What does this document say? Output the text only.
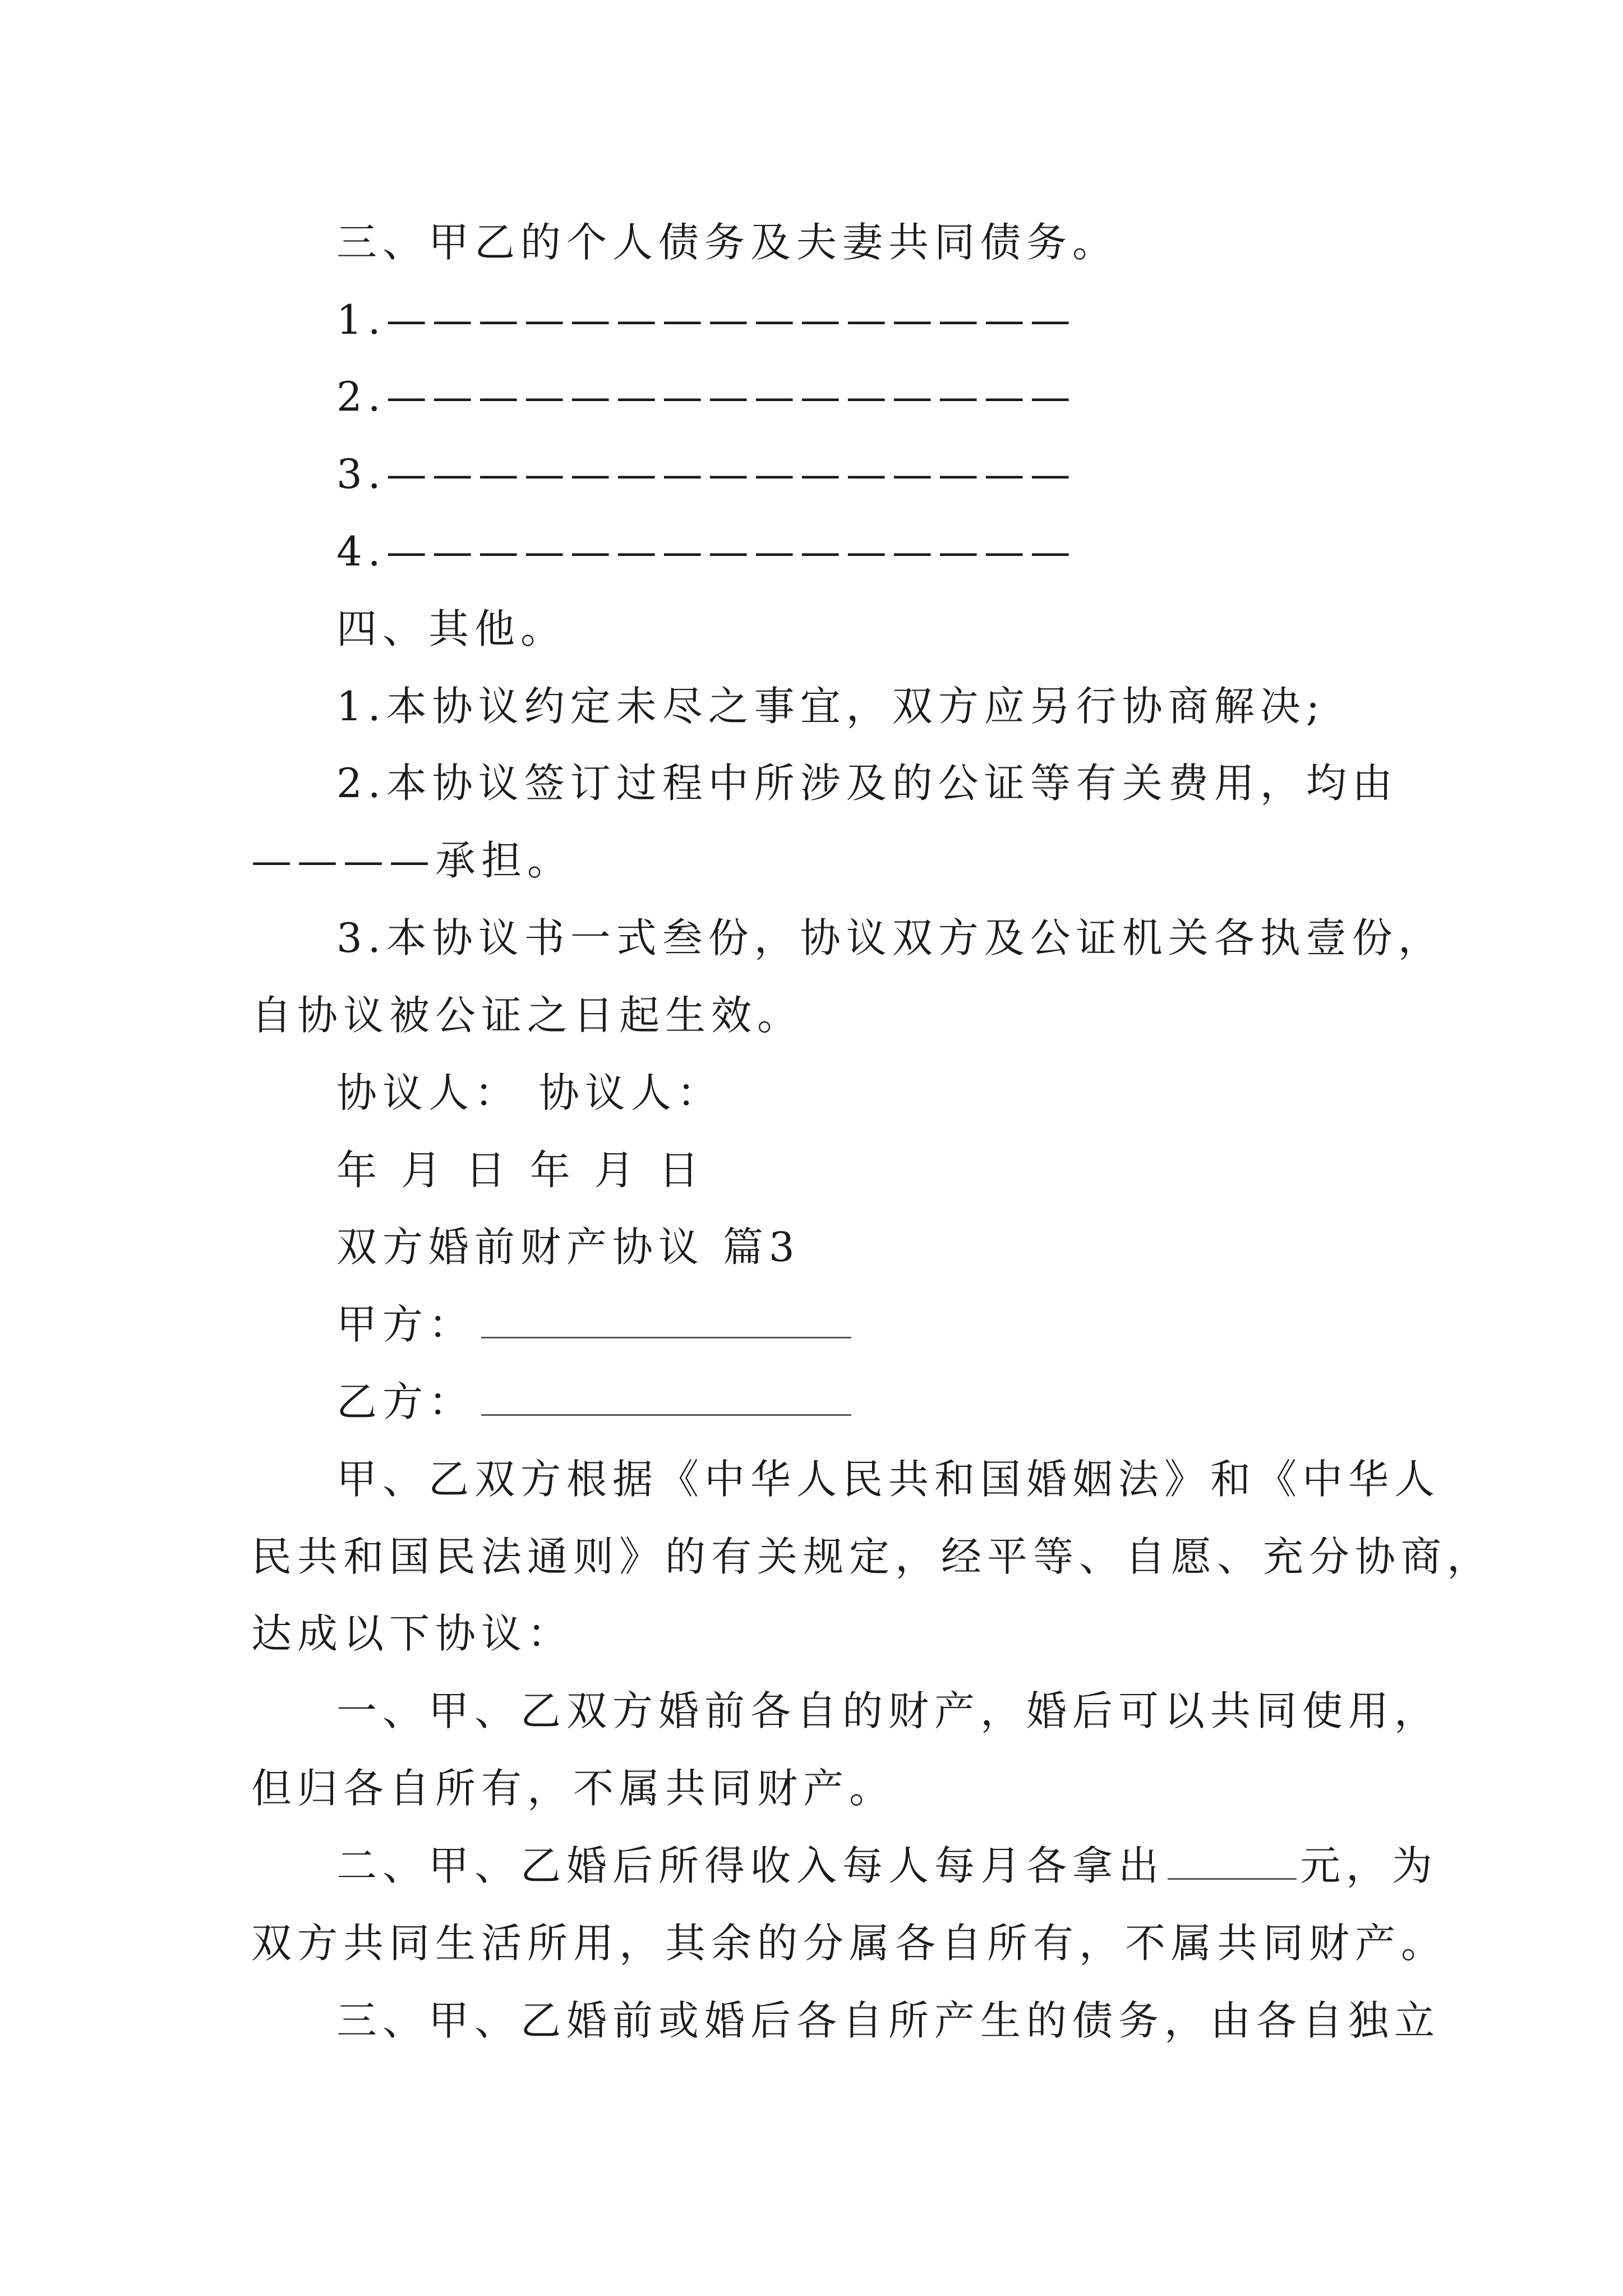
三、甲乙的个人债务及夫妻共同债务。
1.———————————————
2.———————————————
3.———————————————
4.———————————————
四、其他。
1.本协议约定未尽之事宜，双方应另行协商解决;
2.本协议签订过程中所涉及的公证等有关费用，均由
————承担。
3.本协议书一式叁份，协议双方及公证机关各执壹份，
自协议被公证之日起生效。
协议人： 协议人：
年 月 日 年 月 日
双方婚前财产协议 篇3
甲方：
乙方：
甲、乙双方根据《中华人民共和国婚姻法》和《中华人
民共和国民法通则》的有关规定，经平等、自愿、充分协商，
达成以下协议：
一、甲、乙双方婚前各自的财产，婚后可以共同使用，
但归各自所有，不属共同财产。
二、甲、乙婚后所得收入每人每月各拿出	元，为
双方共同生活所用，其余的分属各自所有，不属共同财产。
三、甲、乙婚前或婚后各自所产生的债务，由各自独立
